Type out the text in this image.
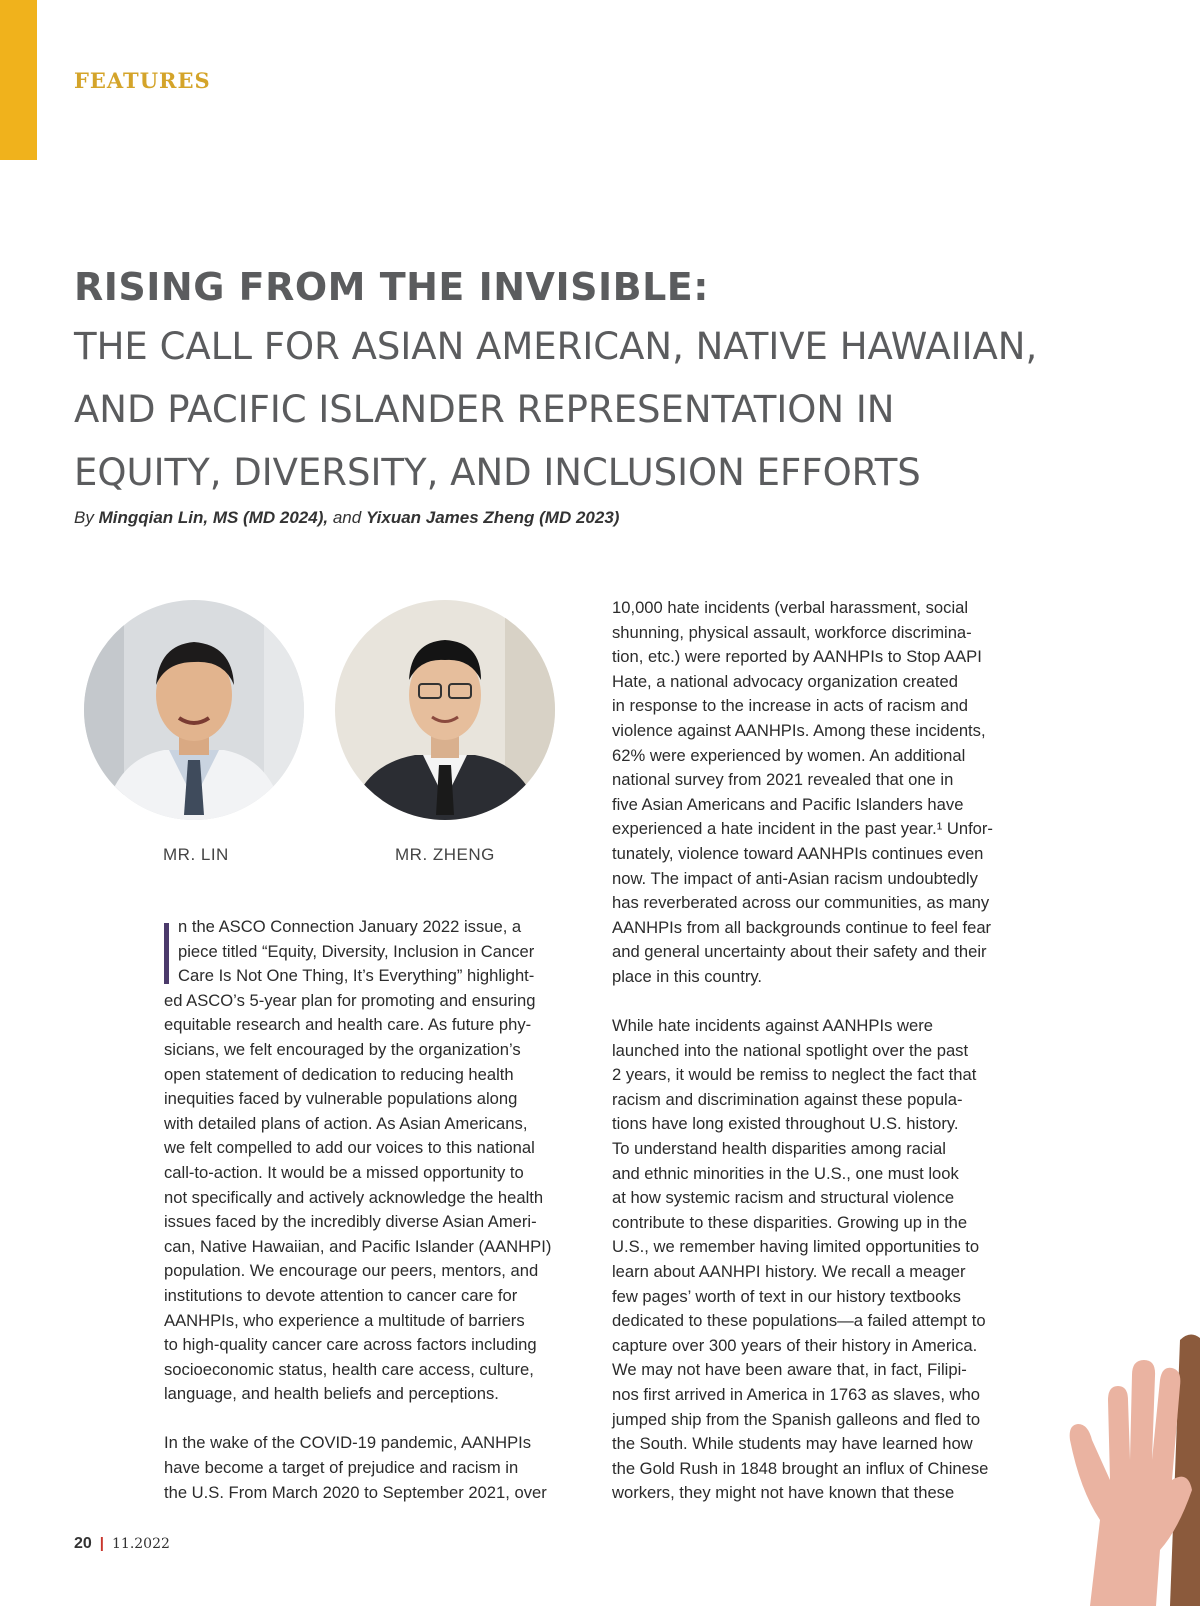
FEATURES
RISING FROM THE INVISIBLE:
THE CALL FOR ASIAN AMERICAN, NATIVE HAWAIIAN,
AND PACIFIC ISLANDER REPRESENTATION IN
EQUITY, DIVERSITY, AND INCLUSION EFFORTS
By Mingqian Lin, MS (MD 2024), and Yixuan James Zheng (MD 2023)
MR. LIN	MR. ZHENG

n the ASCO Connection January 2022 issue, a
piece titled “Equity, Diversity, Inclusion in Cancer
Care Is Not One Thing, It’s Everything” highlight-

ed ASCO’s 5-year plan for promoting and ensuring
equitable research and health care. As future phy-
sicians, we felt encouraged by the organization’s
open statement of dedication to reducing health
inequities faced by vulnerable populations along
with detailed plans of action. As Asian Americans,
we felt compelled to add our voices to this national
call-to-action. It would be a missed opportunity to
not specifically and actively acknowledge the health
issues faced by the incredibly diverse Asian Ameri-
can, Native Hawaiian, and Pacific Islander (AANHPI)
population. We encourage our peers, mentors, and
institutions to devote attention to cancer care for
AANHPIs, who experience a multitude of barriers
to high-quality cancer care across factors including
socioeconomic status, health care access, culture,
language, and health beliefs and perceptions.

In the wake of the COVID-19 pandemic, AANHPIs
have become a target of prejudice and racism in
the U.S. From March 2020 to September 2021, over

10,000 hate incidents (verbal harassment, social
shunning, physical assault, workforce discrimina-
tion, etc.) were reported by AANHPIs to Stop AAPI
Hate, a national advocacy organization created
in response to the increase in acts of racism and
violence against AANHPIs. Among these incidents,
62% were experienced by women. An additional
national survey from 2021 revealed that one in
five Asian Americans and Pacific Islanders have
experienced a hate incident in the past year.¹ Unfor-
tunately, violence toward AANHPIs continues even
now. The impact of anti-Asian racism undoubtedly
has reverberated across our communities, as many
AANHPIs from all backgrounds continue to feel fear
and general uncertainty about their safety and their
place in this country.

While hate incidents against AANHPIs were
launched into the national spotlight over the past
2 years, it would be remiss to neglect the fact that
racism and discrimination against these popula-
tions have long existed throughout U.S. history.
To understand health disparities among racial
and ethnic minorities in the U.S., one must look
at how systemic racism and structural violence
contribute to these disparities. Growing up in the
U.S., we remember having limited opportunities to
learn about AANHPI history. We recall a meager
few pages’ worth of text in our history textbooks
dedicated to these populations—a failed attempt to
capture over 300 years of their history in America.
We may not have been aware that, in fact, Filipi-
nos first arrived in America in 1763 as slaves, who
jumped ship from the Spanish galleons and fled to
the South. While students may have learned how
the Gold Rush in 1848 brought an influx of Chinese
workers, they might not have known that these

20 | 11.2022
